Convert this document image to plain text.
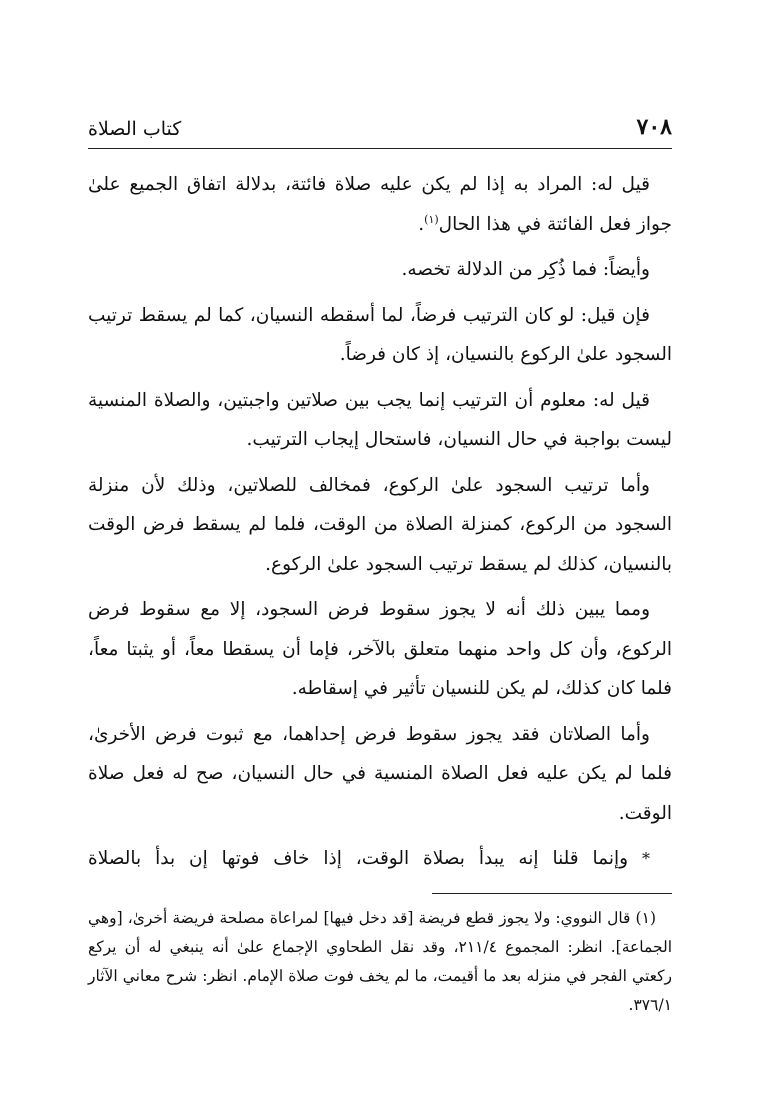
٧٠٨
كتاب الصلاة

قيل له: المراد به إذا لم يكن عليه صلاة فائتة، بدلالة اتفاق الجميع علىٰ جواز فعل الفائتة في هذا الحال$^{(١)}$.

وأيضاً: فما ذُكِر من الدلالة تخصه.

فإن قيل: لو كان الترتيب فرضاً، لما أسقطه النسيان، كما لم يسقط ترتيب السجود علىٰ الركوع بالنسيان، إذ كان فرضاً.

قيل له: معلوم أن الترتيب إنما يجب بين صلاتين واجبتين، والصلاة المنسية ليست بواجبة في حال النسيان، فاستحال إيجاب الترتيب.

وأما ترتيب السجود علىٰ الركوع، فمخالف للصلاتين، وذلك لأن منزلة السجود من الركوع، كمنزلة الصلاة من الوقت، فلما لم يسقط فرض الوقت بالنسيان، كذلك لم يسقط ترتيب السجود علىٰ الركوع.

ومما يبين ذلك أنه لا يجوز سقوط فرض السجود، إلا مع سقوط فرض الركوع، وأن كل واحد منهما متعلق بالآخر، فإما أن يسقطا معاً، أو يثبتا معاً، فلما كان كذلك، لم يكن للنسيان تأثير في إسقاطه.

وأما الصلاتان فقد يجوز سقوط فرض إحداهما، مع ثبوت فرض الأخرىٰ، فلما لم يكن عليه فعل الصلاة المنسية في حال النسيان، صح له فعل صلاة الوقت.

* وإنما قلنا إنه يبدأ بصلاة الوقت، إذا خاف فوتها إن بدأ بالصلاة

(١) قال النووي: ولا يجوز قطع فريضة [قد دخل فيها] لمراعاة مصلحة فريضة أخرىٰ، [وهي الجماعة]. انظر: المجموع ٢١١/٤، وقد نقل الطحاوي الإجماع علىٰ أنه ينبغي له أن يركع ركعتي الفجر في منزله بعد ما أقيمت، ما لم يخف فوت صلاة الإمام. انظر: شرح معاني الآثار ٣٧٦/١.
